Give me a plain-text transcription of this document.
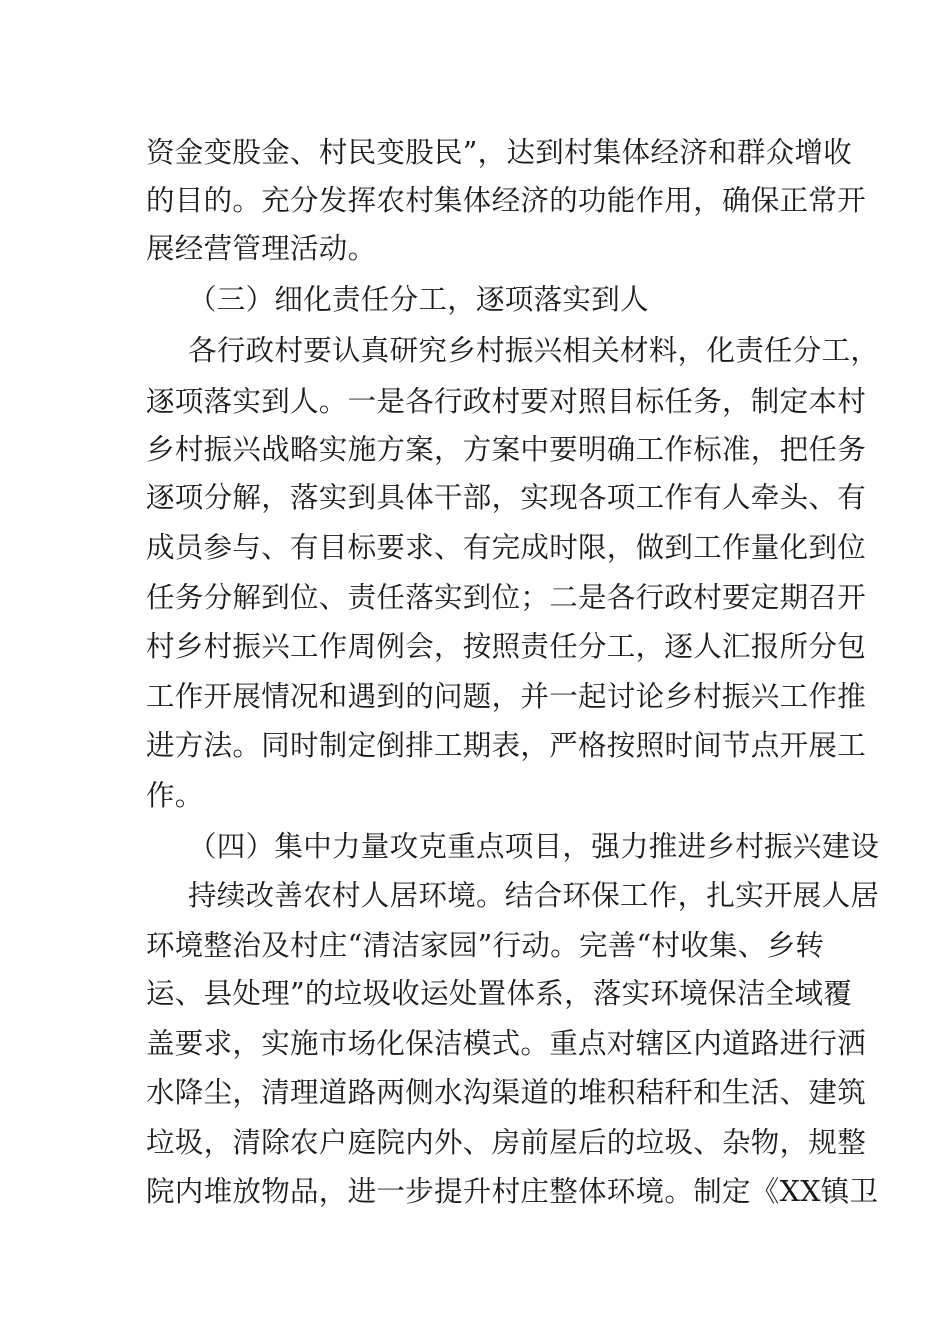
资金变股金、村民变股民”，达到村集体经济和群众增收
的目的。充分发挥农村集体经济的功能作用，确保正常开
展经营管理活动。
（三）细化责任分工，逐项落实到人
各行政村要认真研究乡村振兴相关材料，化责任分工，
逐项落实到人。一是各行政村要对照目标任务，制定本村
乡村振兴战略实施方案，方案中要明确工作标准，把任务
逐项分解，落实到具体干部，实现各项工作有人牵头、有
成员参与、有目标要求、有完成时限，做到工作量化到位
任务分解到位、责任落实到位；二是各行政村要定期召开
村乡村振兴工作周例会，按照责任分工，逐人汇报所分包
工作开展情况和遇到的问题，并一起讨论乡村振兴工作推
进方法。同时制定倒排工期表，严格按照时间节点开展工
作。
（四）集中力量攻克重点项目，强力推进乡村振兴建设
持续改善农村人居环境。结合环保工作，扎实开展人居
环境整治及村庄“清洁家园”行动。完善“村收集、乡转
运、县处理”的垃圾收运处置体系，落实环境保洁全域覆
盖要求，实施市场化保洁模式。重点对辖区内道路进行洒
水降尘，清理道路两侧水沟渠道的堆积秸秆和生活、建筑
垃圾，清除农户庭院内外、房前屋后的垃圾、杂物，规整
院内堆放物品，进一步提升村庄整体环境。制定《XX镇卫
